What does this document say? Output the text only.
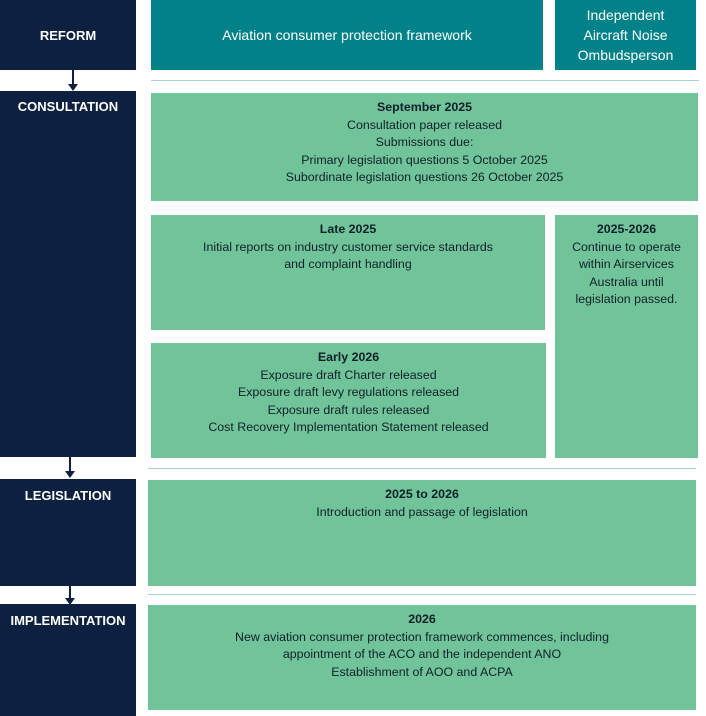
REFORM
CONSULTATION
LEGISLATION
IMPLEMENTATION
Aviation consumer protection framework
Independent
Aircraft Noise
Ombudsperson
September 2025
Consultation paper released
Submissions due:
Primary legislation questions 5 October 2025
Subordinate legislation questions 26 October 2025
Late 2025
Initial reports on industry customer service standards
and complaint handling
2025-2026
Continue to operate
within Airservices
Australia until
legislation passed.
Early 2026
Exposure draft Charter released
Exposure draft levy regulations released
Exposure draft rules released
Cost Recovery Implementation Statement released
2025 to 2026
Introduction and passage of legislation
2026
New aviation consumer protection framework commences, including
appointment of the ACO and the independent ANO
Establishment of AOO and ACPA
